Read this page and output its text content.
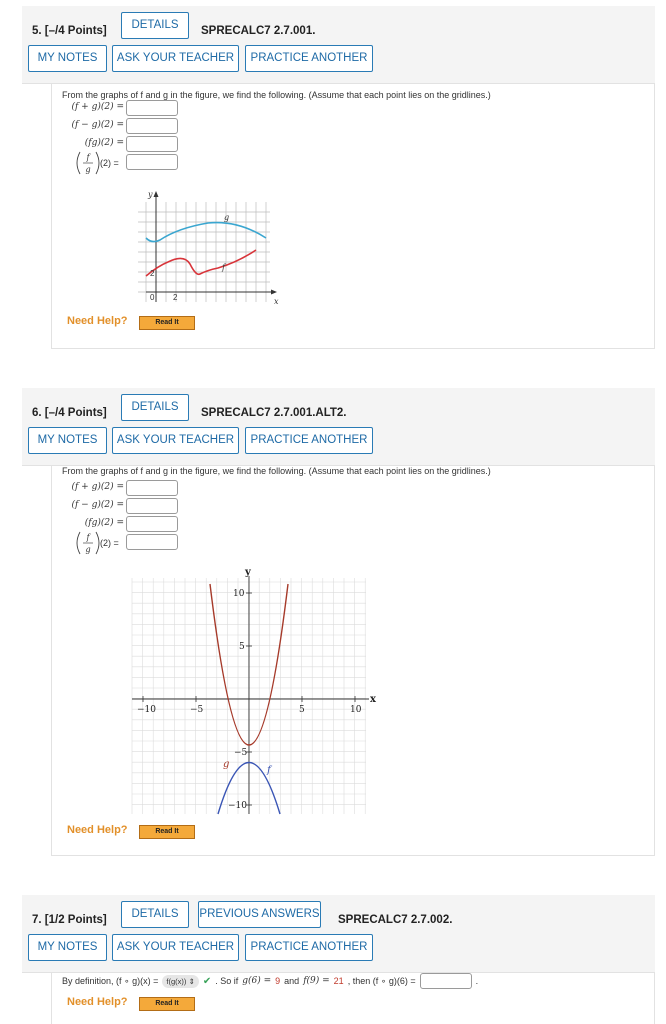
5. [–/4 Points]	DETAILS	SPRECALC7 2.7.001.
MY NOTES	ASK YOUR TEACHER	PRACTICE ANOTHER
From the graphs of f and g in the figure, we find the following. (Assume that each point lies on the gridlines.)
(f + g)(2) =
(f − g)(2) =
(fg)(2) =
f
g
(2) =
y
x
g
f
2
0 2
Need Help?	Read It
6. [–/4 Points]	DETAILS	SPRECALC7 2.7.001.ALT2.
MY NOTES	ASK YOUR TEACHER	PRACTICE ANOTHER
From the graphs of f and g in the figure, we find the following. (Assume that each point lies on the gridlines.)
(f + g)(2) =
(f − g)(2) =
(fg)(2) =
f
g
(2) =
y
x
−10	−5	5	10
10
5
−5
−10
g
f
Need Help?	Read It
7. [1/2 Points]	DETAILS	PREVIOUS ANSWERS SPRECALC7 2.7.002.
MY NOTES	ASK YOUR TEACHER	PRACTICE ANOTHER
By definition, (f ∘ g)(x) =	f(g(x)) ⇕ ✔ . So if g(6) = 9 and f(9) = 21 , then (f ∘ g)(6) =	.
Need Help?	Read It
